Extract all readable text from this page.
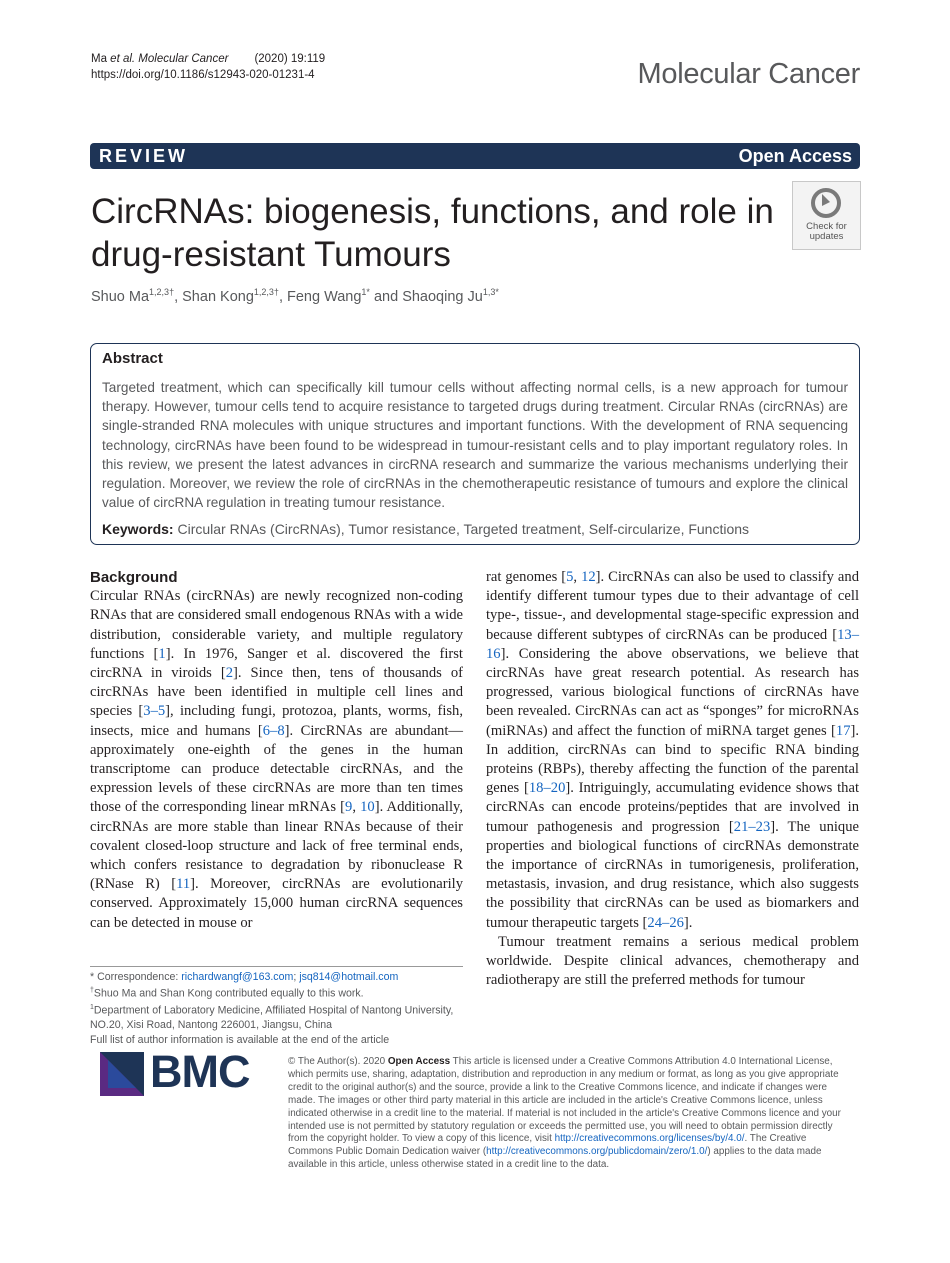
Ma et al. Molecular Cancer (2020) 19:119
https://doi.org/10.1186/s12943-020-01231-4	Molecular Cancer
REVIEW	Open Access
CircRNAs: biogenesis, functions, and role in drug-resistant Tumours
Check for
updates
Shuo $Ma^{1,2,3\dagger}$, Shan Kong$^{1,2,3\dagger}$, Feng Wang$^{1*}$ and Shaoqing $Ju^{1,3*}$
Abstract

Targeted treatment, which can specifically kill tumour cells without affecting normal cells, is a new approach for tumour therapy. However, tumour cells tend to acquire resistance to targeted drugs during treatment. Circular RNAs (circRNAs) are single-stranded RNA molecules with unique structures and important functions. With the development of RNA sequencing technology, circRNAs have been found to be widespread in tumour-resistant cells and to play important regulatory roles. In this review, we present the latest advances in circRNA research and summarize the various mechanisms underlying their regulation. Moreover, we review the role of circRNAs in the chemotherapeutic resistance of tumours and explore the clinical value of circRNA regulation in treating tumour resistance.

Keywords: Circular RNAs (CircRNAs), Tumor resistance, Targeted treatment, Self-circularize, Functions
Background

Circular RNAs (circRNAs) are newly recognized non-coding RNAs that are considered small endogenous RNAs with a wide distribution, considerable variety, and multiple regulatory functions [1]. In 1976, Sanger et al. discovered the first circRNA in viroids [2]. Since then, tens of thousands of circRNAs have been identified in multiple cell lines and species [3–5], including fungi, protozoa, plants, worms, fish, insects, mice and humans [6–8]. CircRNAs are abundant—approximately one-eighth of the genes in the human transcriptome can produce detectable circRNAs, and the expression levels of these circRNAs are more than ten times those of the corresponding linear mRNAs [9, 10]. Additionally, circRNAs are more stable than linear RNAs because of their covalent closed-loop structure and lack of free terminal ends, which confers resistance to degradation by ribonuclease R (RNase R) [11]. Moreover, circRNAs are evolutionarily conserved. Approximately 15,000 human circRNA sequences can be detected in mouse or

rat genomes [5, 12]. CircRNAs can also be used to classify and identify different tumour types due to their advantage of cell type-, tissue-, and developmental stage-specific expression and because different subtypes of circRNAs can be produced [13–16]. Considering the above observations, we believe that circRNAs have great research potential. As research has progressed, various biological functions of circRNAs have been revealed. CircRNAs can act as “sponges” for microRNAs (miRNAs) and affect the function of miRNA target genes [17]. In addition, circRNAs can bind to specific RNA binding proteins (RBPs), thereby affecting the function of the parental genes [18–20]. Intriguingly, accumulating evidence shows that circRNAs can encode proteins/peptides that are involved in tumour pathogenesis and progression [21–23]. The unique properties and biological functions of circRNAs demonstrate the importance of circRNAs in tumorigenesis, proliferation, metastasis, invasion, and drug resistance, which also suggests the possibility that circRNAs can be used as biomarkers and tumour therapeutic targets [24–26].

Tumour treatment remains a serious medical problem worldwide. Despite clinical advances, chemotherapy and radiotherapy are still the preferred methods for tumour

* Correspondence: richardwangf@163.com; jsq814@hotmail.com
†Shuo Ma and Shan Kong contributed equally to this work.
$^1$Department of Laboratory Medicine, Affiliated Hospital of Nantong University, NO.20, Xisi Road, Nantong 226001, Jiangsu, China
Full list of author information is available at the end of the article
BMC	© The Author(s). 2020 Open Access This article is licensed under a Creative Commons Attribution 4.0 International License, which permits use, sharing, adaptation, distribution and reproduction in any medium or format, as long as you give appropriate credit to the original author(s) and the source, provide a link to the Creative Commons licence, and indicate if changes were made. The images or other third party material in this article are included in the article's Creative Commons licence, unless indicated otherwise in a credit line to the material. If material is not included in the article's Creative Commons licence and your intended use is not permitted by statutory regulation or exceeds the permitted use, you will need to obtain permission directly from the copyright holder. To view a copy of this licence, visit http://creativecommons.org/licenses/by/4.0/. The Creative Commons Public Domain Dedication waiver (http://creativecommons.org/publicdomain/zero/1.0/) applies to the data made available in this article, unless otherwise stated in a credit line to the data.
